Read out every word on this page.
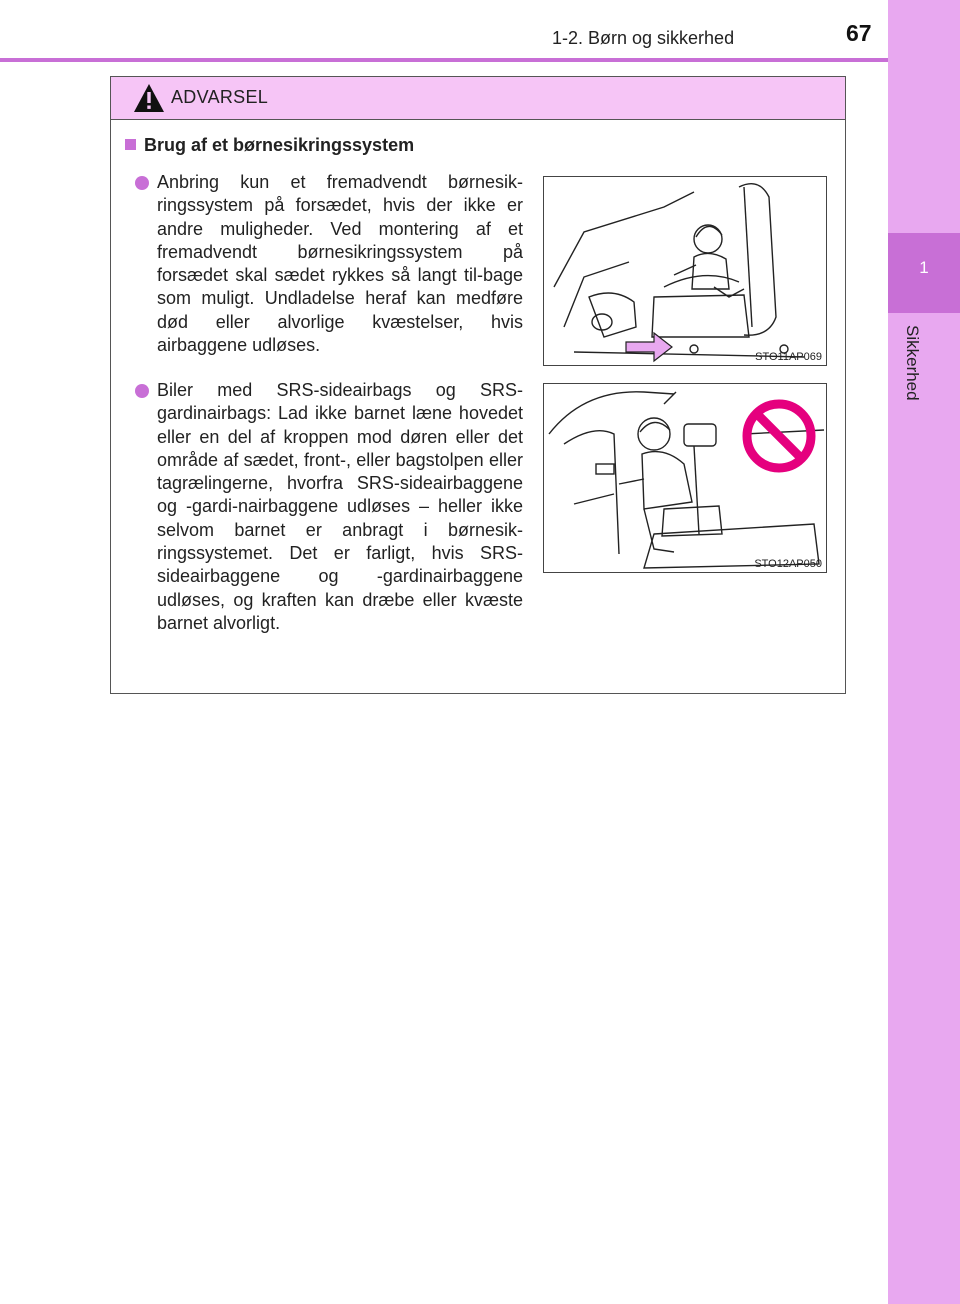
1
Sikkerhed
1-2. Børn og sikkerhed	67
ADVARSEL
Brug af et børnesikringssystem
Anbring kun et fremadvendt børnesik-ringssystem på forsædet, hvis der ikke er andre muligheder. Ved montering af et fremadvendt børnesikringssystem på forsædet skal sædet rykkes så langt til-bage som muligt. Undladelse heraf kan medføre død eller alvorlige kvæstelser, hvis airbaggene udløses.
Biler med SRS-sideairbags og SRS-gardinairbags: Lad ikke barnet læne hovedet eller en del af kroppen mod døren eller det område af sædet, front-, eller bagstolpen eller tagrælingerne, hvorfra SRS-sideairbaggene og -gardi-nairbaggene udløses – heller ikke selvom barnet er anbragt i børnesik-ringssystemet. Det er farligt, hvis SRS-sideairbaggene og -gardinairbaggene udløses, og kraften kan dræbe eller kvæste barnet alvorligt.
STO11AP069
STO12AP050
